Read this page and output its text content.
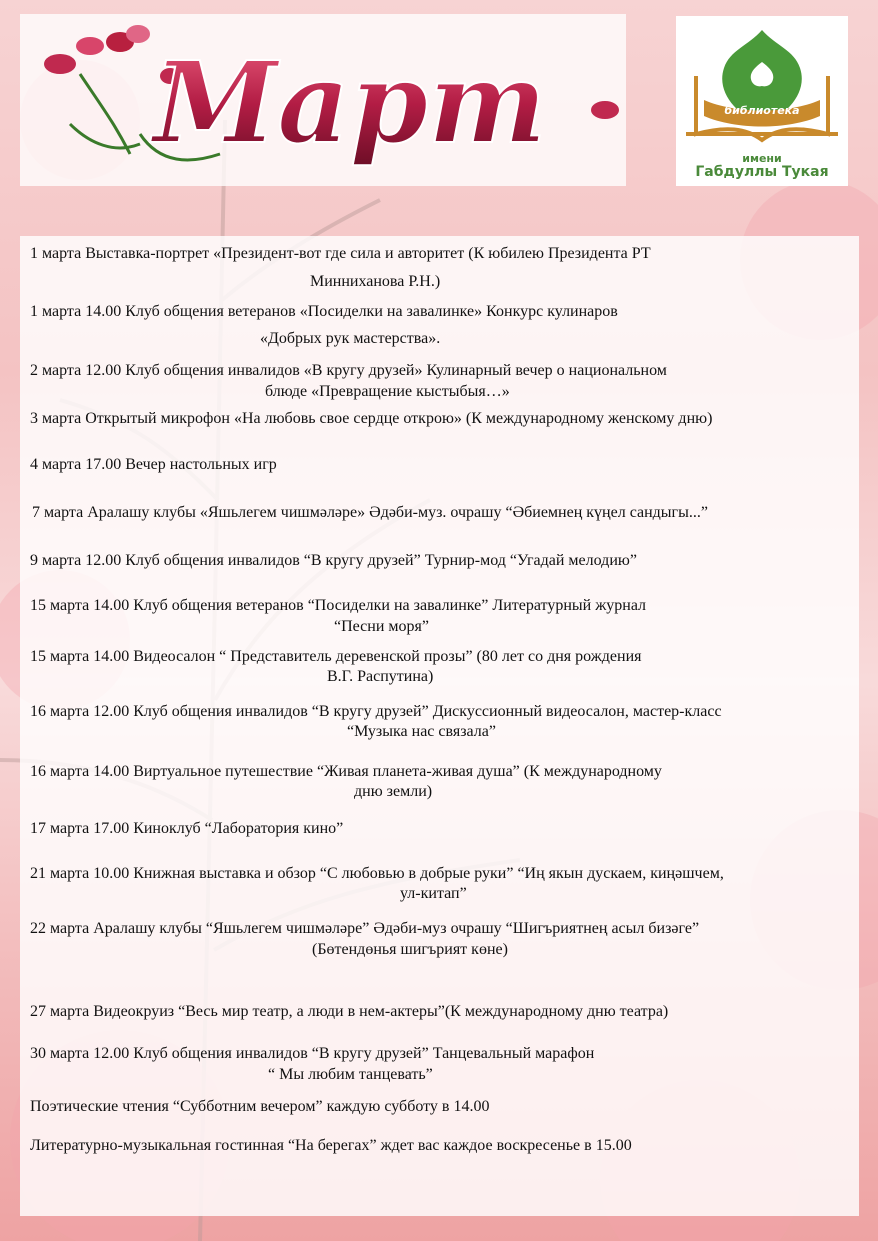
Март	библиотека
имени
Габдуллы Тукая
1 марта Выставка-портрет «Президент-вот где сила и авторитет (К юбилею Президента РТ
Минниханова Р.Н.)
1 марта 14.00 Клуб общения ветеранов «Посиделки на завалинке» Конкурс кулинаров
«Добрых рук мастерства».
2 марта 12.00 Клуб общения инвалидов «В кругу друзей» Кулинарный вечер о национальном
блюде «Превращение кыстыбыя…»
3 марта Открытый микрофон «На любовь свое сердце открою» (К международному женскому дню)
4 марта 17.00 Вечер настольных игр
7 марта Аралашу клубы «Яшьлегем чишмәләре» Әдәби-муз. очрашу “Әбиемнең күңел сандыгы...”
9 марта 12.00 Клуб общения инвалидов “В кругу друзей” Турнир-мод “Угадай мелодию”
15 марта 14.00 Клуб общения ветеранов “Посиделки на завалинке” Литературный журнал
“Песни моря”
15 марта 14.00 Видеосалон “ Представитель деревенской прозы” (80 лет со дня рождения
В.Г. Распутина)
16 марта 12.00 Клуб общения инвалидов “В кругу друзей” Дискуссионный видеосалон, мастер-класс
“Музыка нас связала”
16 марта 14.00 Виртуальное путешествие “Живая планета-живая душа” (К международному
дню земли)
17 марта 17.00 Киноклуб “Лаборатория кино”
21 марта 10.00 Книжная выставка и обзор “С любовью в добрые руки” “Иң якын дускаем, киңәшчем,
ул-китап”
22 марта Аралашу клубы “Яшьлегем чишмәләре” Әдәби-муз очрашу “Шигъриятнең асыл бизәге”
(Бөтендөнья шигърият көне)
27 марта Видеокруиз “Весь мир театр, а люди в нем-актеры”(К международному дню театра)
30 марта 12.00 Клуб общения инвалидов “В кругу друзей” Танцевальный марафон
“ Мы любим танцевать”
Поэтические чтения “Субботним вечером” каждую субботу в 14.00
Литературно-музыкальная гостинная “На берегах” ждет вас каждое воскресенье в 15.00
